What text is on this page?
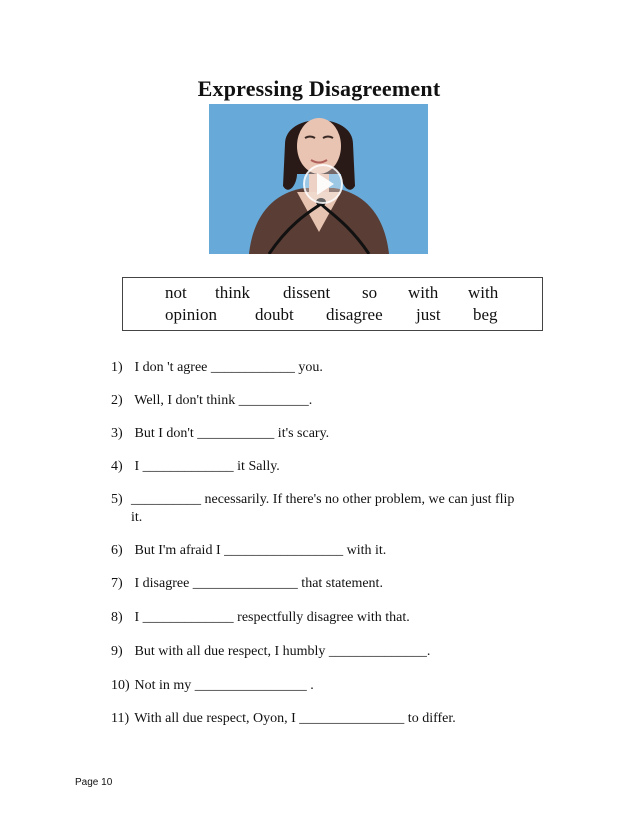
Expressing Disagreement
not think dissent so with with
opinion doubt disagree just beg
1) I don 't agree ____________ you.
2) Well, I don't think __________.
3) But I don't ___________ it's scary.
4) I _____________ it Sally.
5) __________ necessarily. If there's no other problem, we can just flip
it.
6) But I'm afraid I _________________ with it.
7) I disagree _______________ that statement.
8) I _____________ respectfully disagree with that.
9) But with all due respect, I humbly ______________.
10) Not in my ________________ .
11) With all due respect, Oyon, I _______________ to differ.
Page 10
